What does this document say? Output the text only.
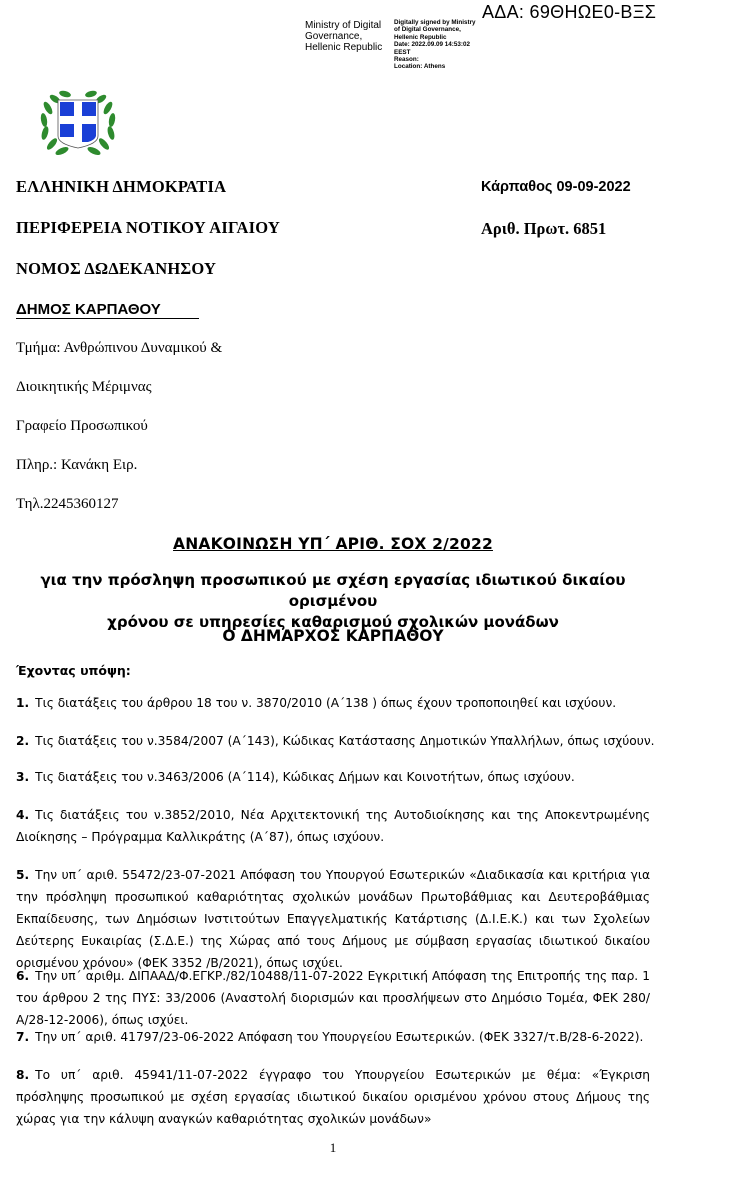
ΑΔΑ: 69ΘΗΩΕ0-ΒΞΣ
Ministry of Digital
Governance,
Hellenic Republic
Digitally signed by Ministry
of Digital Governance,
Hellenic Republic
Date: 2022.09.09 14:53:02
EEST
Reason:
Location: Athens
ΕΛΛΗΝΙΚΗ ΔΗΜΟΚΡΑΤΙΑ
ΠΕΡΙΦΕΡΕΙΑ ΝΟΤΙΚΟΥ ΑΙΓΑΙΟΥ
ΝΟΜΟΣ ΔΩΔΕΚΑΝΗΣΟΥ
ΔΗΜΟΣ ΚΑΡΠΑΘΟΥ
Κάρπαθος 09-09-2022
Αριθ. Πρωτ. 6851
Τμήμα: Ανθρώπινου Δυναμικού &
Διοικητικής Μέριμνας
Γραφείο Προσωπικού
Πληρ.: Κανάκη Ειρ.
Τηλ.2245360127
ΑΝΑΚΟΙΝΩΣΗ ΥΠ΄ ΑΡΙΘ. ΣΟΧ 2/2022
για την πρόσληψη προσωπικού με σχέση εργασίας ιδιωτικού δικαίου ορισμένου
χρόνου σε υπηρεσίες καθαρισμού σχολικών μονάδων
Ο ΔΗΜΑΡΧΟΣ ΚΑΡΠΑΘΟΥ
Έχοντας υπόψη:
1. Τις διατάξεις του άρθρου 18 του ν. 3870/2010 (Α΄138 ) όπως έχουν τροποποιηθεί και ισχύουν.
2. Τις διατάξεις του ν.3584/2007 (Α΄143), Κώδικας Κατάστασης Δημοτικών Υπαλλήλων, όπως ισχύουν.
3. Τις διατάξεις του ν.3463/2006 (Α΄114), Κώδικας Δήμων και Κοινοτήτων, όπως ισχύουν.
4. Τις διατάξεις του ν.3852/2010, Νέα Αρχιτεκτονική της Αυτοδιοίκησης και της Αποκεντρωμένης Διοίκησης – Πρόγραμμα Καλλικράτης (Α΄87), όπως ισχύουν.
5. Την υπ΄ αριθ. 55472/23-07-2021 Απόφαση του Υπουργού Εσωτερικών «Διαδικασία και κριτήρια για την πρόσληψη προσωπικού καθαριότητας σχολικών μονάδων Πρωτοβάθμιας και Δευτεροβάθμιας Εκπαίδευσης, των Δημόσιων Ινστιτούτων Επαγγελματικής Κατάρτισης (Δ.Ι.Ε.Κ.) και των Σχολείων Δεύτερης Ευκαιρίας (Σ.Δ.Ε.) της Χώρας από τους Δήμους με σύμβαση εργασίας ιδιωτικού δικαίου ορισμένου χρόνου» (ΦΕΚ 3352 /Β/2021), όπως ισχύει.
6. Την υπ΄ αριθμ. ΔΙΠΑΑΔ/Φ.ΕΓΚΡ./82/10488/11-07-2022 Εγκριτική Απόφαση της Επιτροπής της παρ. 1 του άρθρου 2 της ΠΥΣ: 33/2006 (Αναστολή διορισμών και προσλήψεων στο Δημόσιο Τομέα, ΦΕΚ 280/Α/28-12-2006), όπως ισχύει.
7. Την υπ΄ αριθ. 41797/23-06-2022 Απόφαση του Υπουργείου Εσωτερικών. (ΦΕΚ 3327/τ.Β/28-6-2022).
8. Το υπ΄ αριθ. 45941/11-07-2022 έγγραφο του Υπουργείου Εσωτερικών με θέμα: «Έγκριση πρόσληψης προσωπικού με σχέση εργασίας ιδιωτικού δικαίου ορισμένου χρόνου στους Δήμους της χώρας για την κάλυψη αναγκών καθαριότητας σχολικών μονάδων»
1
